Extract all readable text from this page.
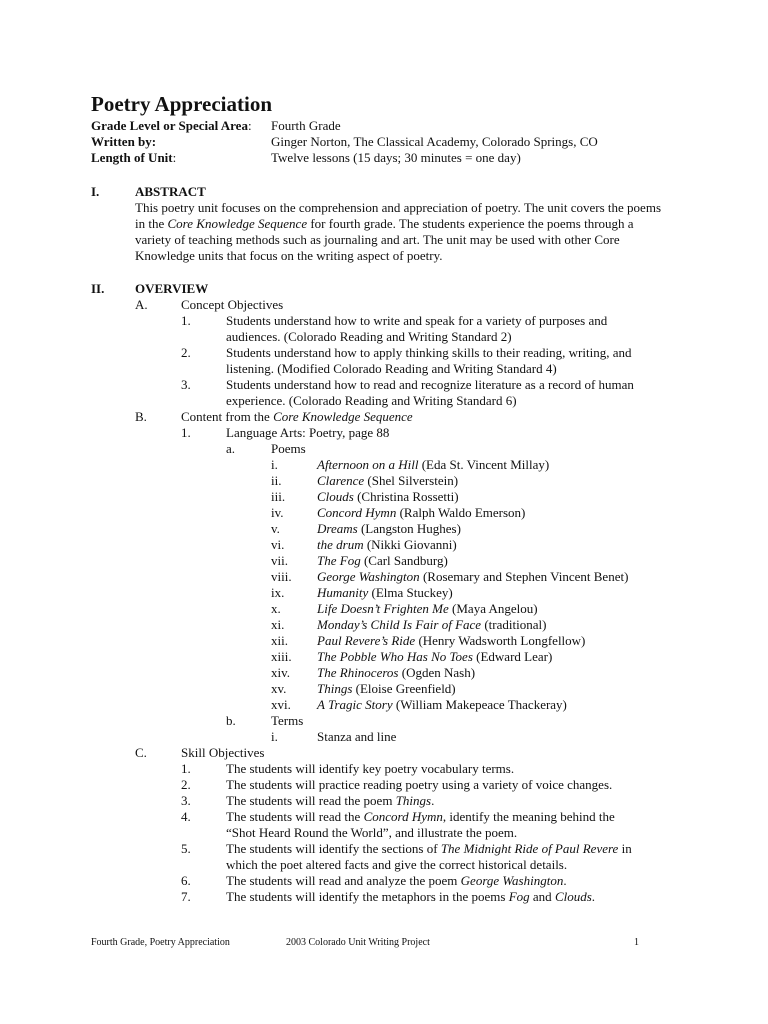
Poetry Appreciation
Grade Level or Special Area:	Fourth Grade
Written by:	Ginger Norton, The Classical Academy, Colorado Springs, CO
Length of Unit:	Twelve lessons (15 days; 30 minutes = one day)
I.	ABSTRACT

This poetry unit focuses on the comprehension and appreciation of poetry. The unit covers the poems in the Core Knowledge Sequence for fourth grade. The students experience the poems through a variety of teaching methods such as journaling and art. The unit may be used with other Core Knowledge units that focus on the writing aspect of poetry.

II.	OVERVIEW
A.	Concept Objectives
1.	Students understand how to write and speak for a variety of purposes and audiences. (Colorado Reading and Writing Standard 2)
2.	Students understand how to apply thinking skills to their reading, writing, and listening. (Modified Colorado Reading and Writing Standard 4)
3.	Students understand how to read and recognize literature as a record of human experience. (Colorado Reading and Writing Standard 6)
B.	Content from the Core Knowledge Sequence
1.	Language Arts: Poetry, page 88
a.	Poems
i.	Afternoon on a Hill (Eda St. Vincent Millay)
ii.	Clarence (Shel Silverstein)
iii.	Clouds (Christina Rossetti)
iv.	Concord Hymn (Ralph Waldo Emerson)
v.	Dreams (Langston Hughes)
vi.	the drum (Nikki Giovanni)
vii.	The Fog (Carl Sandburg)
viii.	George Washington (Rosemary and Stephen Vincent Benet)
ix.	Humanity (Elma Stuckey)
x.	Life Doesn’t Frighten Me (Maya Angelou)
xi.	Monday’s Child Is Fair of Face (traditional)
xii.	Paul Revere’s Ride (Henry Wadsworth Longfellow)
xiii.	The Pobble Who Has No Toes (Edward Lear)
xiv.	The Rhinoceros (Ogden Nash)
xv.	Things (Eloise Greenfield)
xvi.	A Tragic Story (William Makepeace Thackeray)
b.	Terms
i.	Stanza and line
C.	Skill Objectives
1.	The students will identify key poetry vocabulary terms.
2.	The students will practice reading poetry using a variety of voice changes.
3.	The students will read the poem Things.
4.	The students will read the Concord Hymn, identify the meaning behind the “Shot Heard Round the World”, and illustrate the poem.
5.	The students will identify the sections of The Midnight Ride of Paul Revere in which the poet altered facts and give the correct historical details.
6.	The students will read and analyze the poem George Washington.
7.	The students will identify the metaphors in the poems Fog and Clouds.
Fourth Grade, Poetry Appreciation	2003 Colorado Unit Writing Project	1
